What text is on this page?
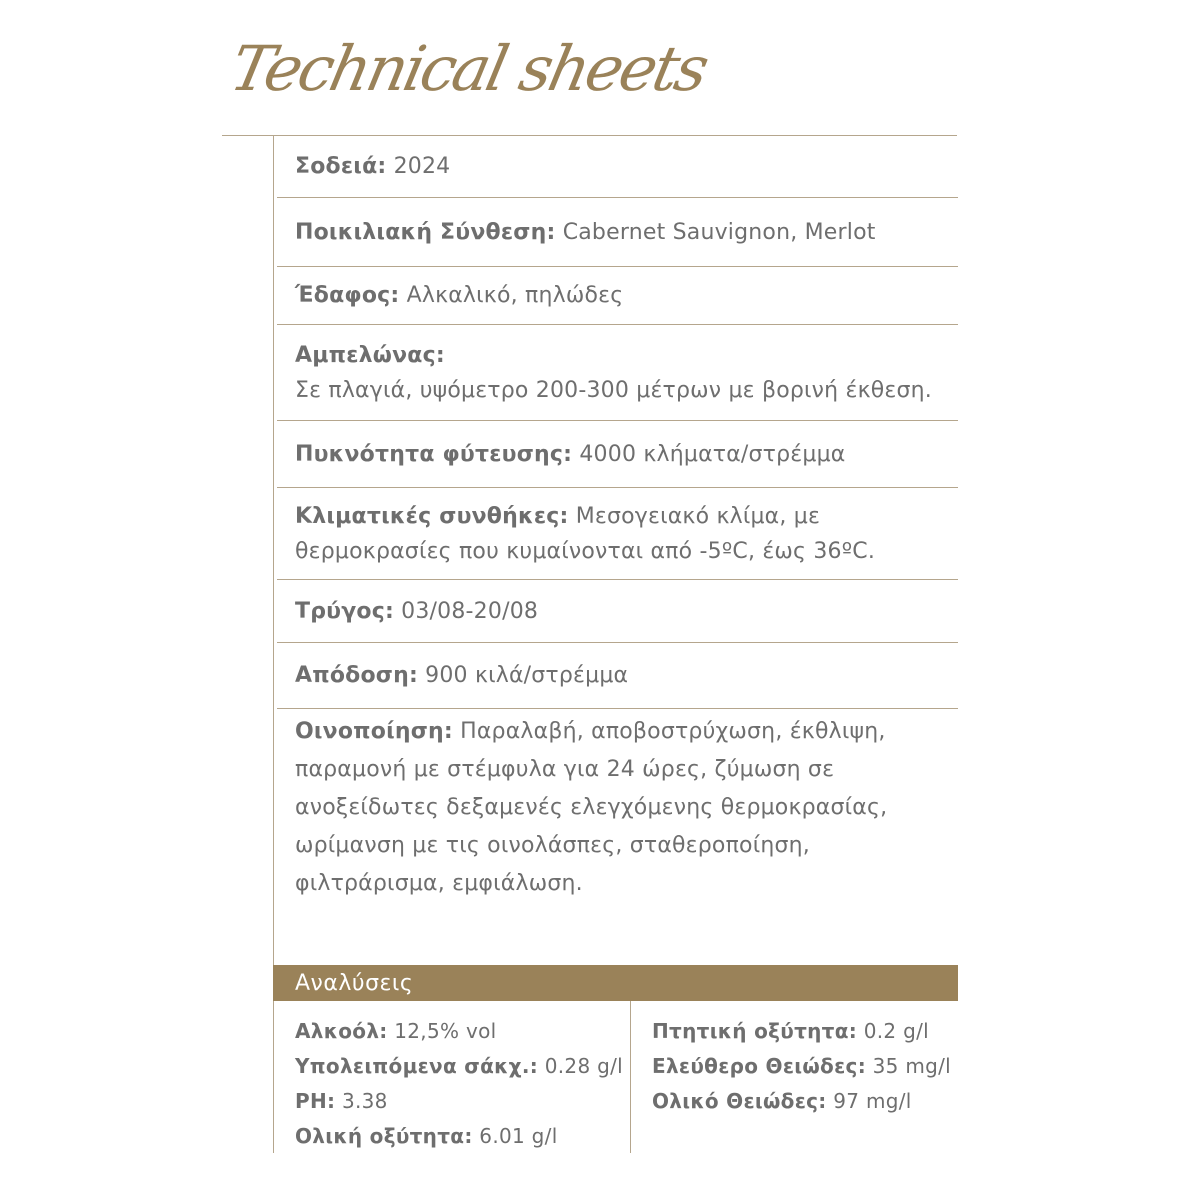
Technical sheets
Σοδειά: 2024
Ποικιλιακή Σύνθεση: Cabernet Sauvignon, Merlot
Έδαφος: Αλκαλικό, πηλώδες
Αμπελώνας:
Σε πλαγιά, υψόμετρο 200-300 μέτρων με βορινή έκθεση.
Πυκνότητα φύτευσης: 4000 κλήματα/στρέμμα
Κλιματικές συνθήκες: Μεσογειακό κλίμα, με θερμοκρασίες που κυμαίνονται από -5ºC, έως 36ºC.
Τρύγος: 03/08-20/08
Απόδοση: 900 κιλά/στρέμμα
Οινοποίηση: Παραλαβή, αποβοστρύχωση, έκθλιψη, παραμονή με στέμφυλα για 24 ώρες, ζύμωση σε ανοξείδωτες δεξαμενές ελεγχόμενης θερμοκρασίας, ωρίμανση με τις οινολάσπες, σταθεροποίηση, φιλτράρισμα, εμφιάλωση.
Αναλύσεις
Αλκοόλ: 12,5% vol
Υπολειπόμενα σάκχ.: 0.28 g/l
PH: 3.38
Ολική οξύτητα: 6.01 g/l
Πτητική οξύτητα: 0.2 g/l
Ελεύθερο Θειώδες: 35 mg/l
Ολικό Θειώδες: 97 mg/l
